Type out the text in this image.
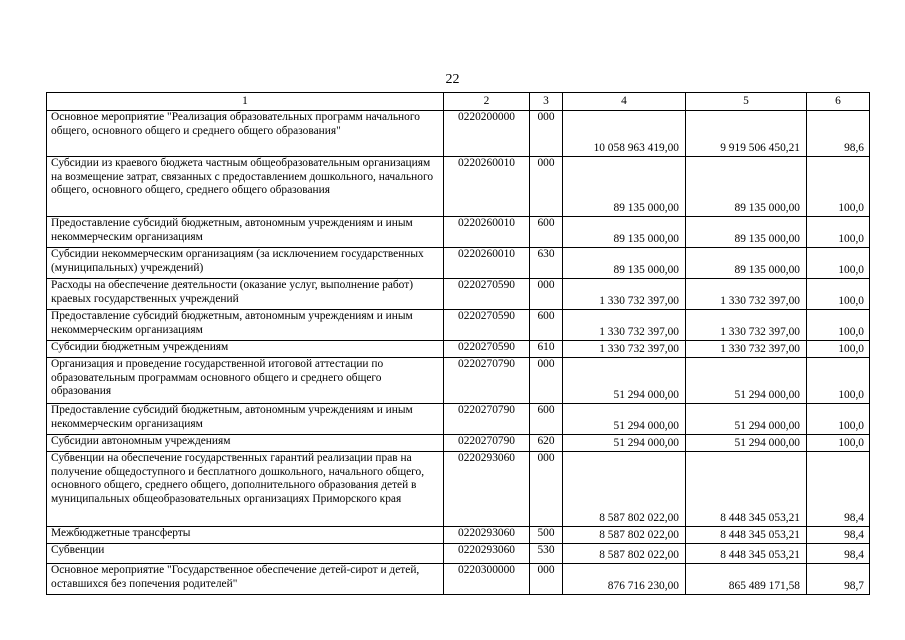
22
1	2	3	4	5	6
Основное мероприятие "Реализация образовательных программ начального общего, основного общего и среднего общего образования"	0220200000	000	10 058 963 419,00	9 919 506 450,21	98,6
Субсидии из краевого бюджета частным общеобразовательным организациям на возмещение затрат, связанных с предоставлением дошкольного, начального общего, основного общего, среднего общего образования	0220260010	000	89 135 000,00	89 135 000,00	100,0
Предоставление субсидий бюджетным, автономным учреждениям и иным некоммерческим организациям	0220260010	600	89 135 000,00	89 135 000,00	100,0
Субсидии некоммерческим организациям (за исключением государственных (муниципальных) учреждений)	0220260010	630	89 135 000,00	89 135 000,00	100,0
Расходы на обеспечение деятельности (оказание услуг, выполнение работ) краевых государственных учреждений	0220270590	000	1 330 732 397,00	1 330 732 397,00	100,0
Предоставление субсидий бюджетным, автономным учреждениям и иным некоммерческим организациям	0220270590	600	1 330 732 397,00	1 330 732 397,00	100,0
Субсидии бюджетным учреждениям	0220270590	610	1 330 732 397,00	1 330 732 397,00	100,0
Организация и проведение государственной итоговой аттестации по образовательным программам основного общего и среднего общего образования	0220270790	000	51 294 000,00	51 294 000,00	100,0
Предоставление субсидий бюджетным, автономным учреждениям и иным некоммерческим организациям	0220270790	600	51 294 000,00	51 294 000,00	100,0
Субсидии автономным учреждениям	0220270790	620	51 294 000,00	51 294 000,00	100,0
Субвенции на обеспечение государственных гарантий реализации прав на получение общедоступного и бесплатного дошкольного, начального общего, основного общего, среднего общего, дополнительного образования детей в муниципальных общеобразовательных организациях Приморского края	0220293060	000	8 587 802 022,00	8 448 345 053,21	98,4
Межбюджетные трансферты	0220293060	500	8 587 802 022,00	8 448 345 053,21	98,4
Субвенции	0220293060	530	8 587 802 022,00	8 448 345 053,21	98,4
Основное мероприятие "Государственное обеспечение детей-сирот и детей, оставшихся без попечения родителей"	0220300000	000	876 716 230,00	865 489 171,58	98,7
